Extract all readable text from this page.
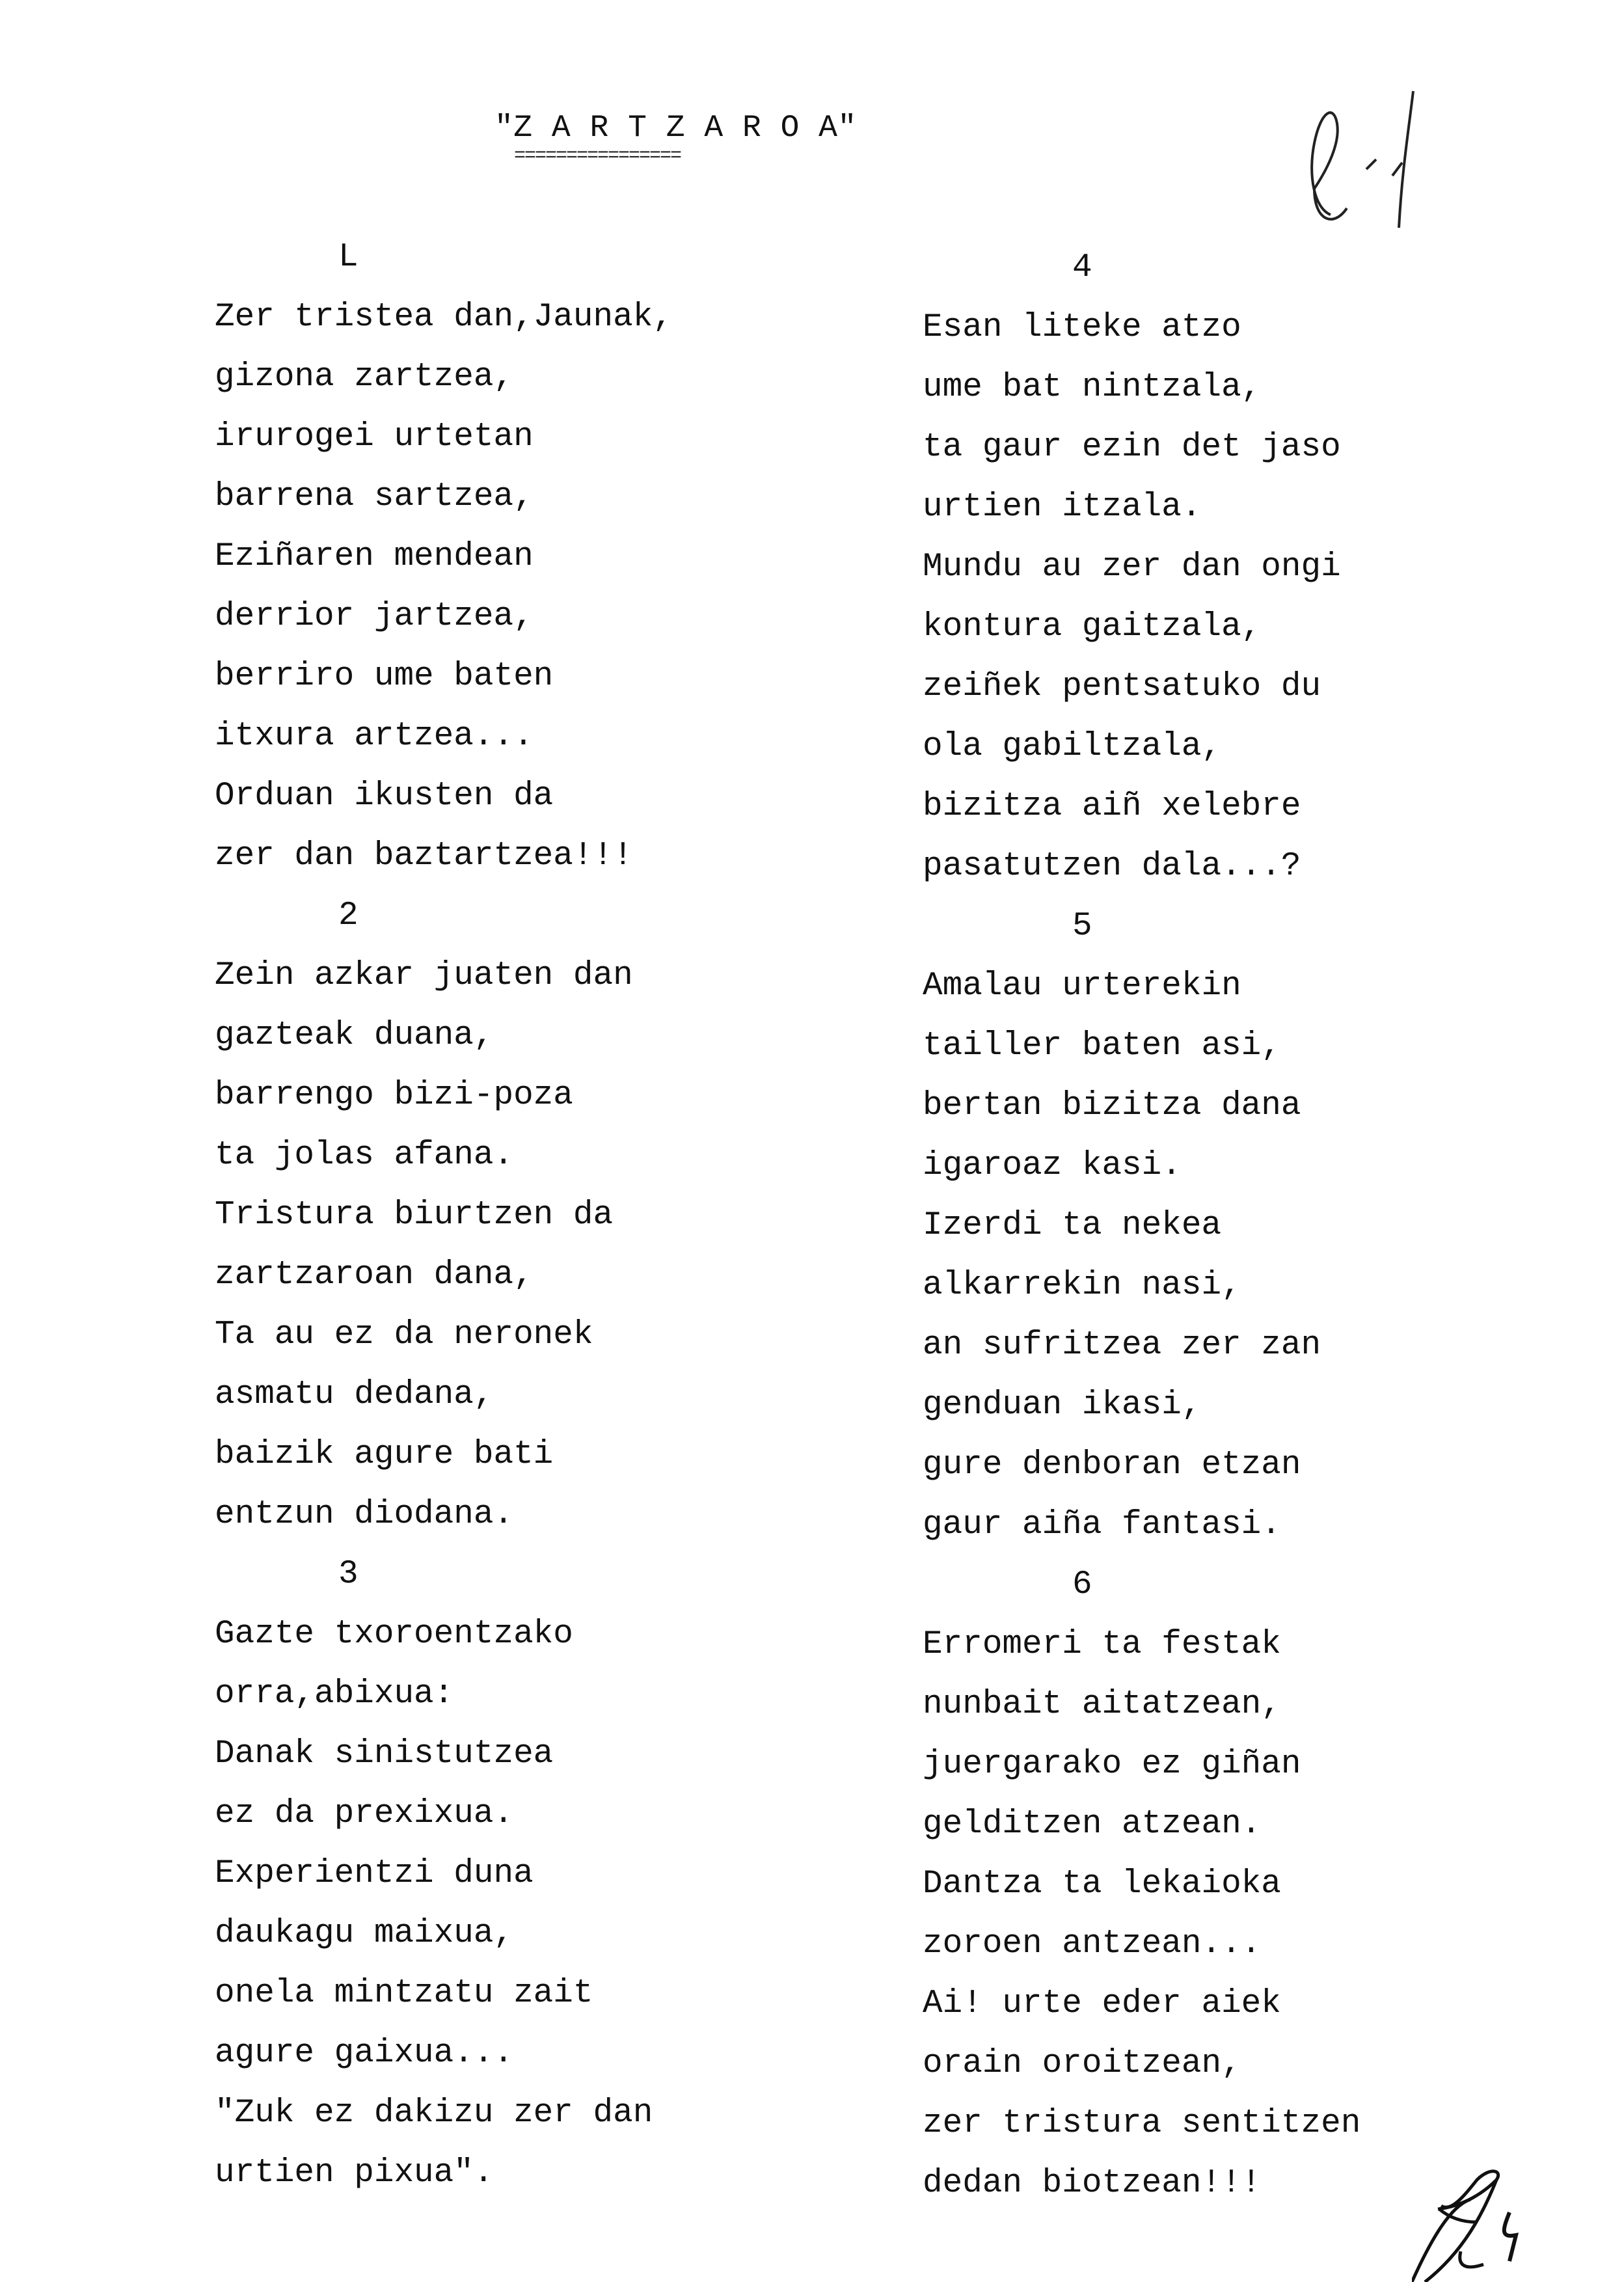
"Z A R T Z A R O A"
================
L
Zer tristea dan,Jaunak,
gizona zartzea,
irurogei urtetan
barrena sartzea,
Eziñaren mendean
derrior jartzea,
berriro ume baten
itxura artzea...
Orduan ikusten da
zer dan baztartzea!!!
2
Zein azkar juaten dan
gazteak duana,
barrengo bizi-poza
ta jolas afana.
Tristura biurtzen da
zartzaroan dana,
Ta au ez da neronek
asmatu dedana,
baizik agure bati
entzun diodana.
3
Gazte txoroentzako
orra,abixua:
Danak sinistutzea
ez da prexixua.
Experientzi duna
daukagu maixua,
onela mintzatu zait
agure gaixua...
"Zuk ez dakizu zer dan
urtien pixua".
4
Esan liteke atzo
ume bat nintzala,
ta gaur ezin det jaso
urtien itzala.
Mundu au zer dan ongi
kontura gaitzala,
zeiñek pentsatuko du
ola gabiltzala,
bizitza aiñ xelebre
pasatutzen dala...?
5
Amalau urterekin
tailler baten asi,
bertan bizitza dana
igaroaz kasi.
Izerdi ta nekea
alkarrekin nasi,
an sufritzea zer zan
genduan ikasi,
gure denboran etzan
gaur aiña fantasi.
6
Erromeri ta festak
nunbait aitatzean,
juergarako ez giñan
gelditzen atzean.
Dantza ta lekaioka
zoroen antzean...
Ai! urte eder aiek
orain oroitzean,
zer tristura sentitzen
dedan biotzean!!!
